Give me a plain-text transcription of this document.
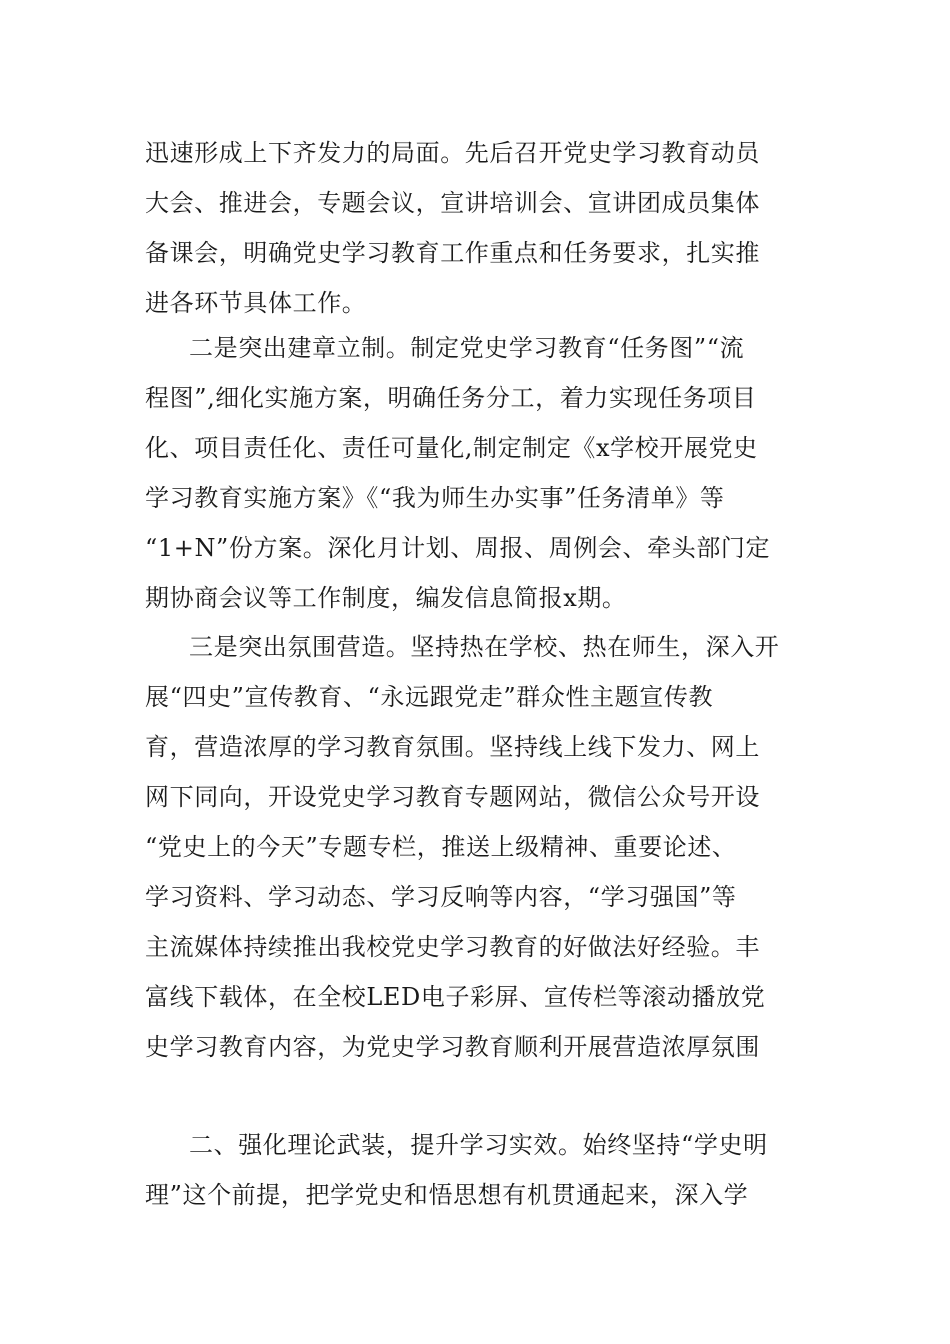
迅速形成上下齐发力的局面。先后召开党史学习教育动员
大会、推进会，专题会议，宣讲培训会、宣讲团成员集体
备课会，明确党史学习教育工作重点和任务要求，扎实推
进各环节具体工作。
二是突出建章立制。制定党史学习教育“任务图”“流
程图”,细化实施方案，明确任务分工，着力实现任务项目
化、项目责任化、责任可量化,制定制定《x学校开展党史
学习教育实施方案》《“我为师生办实事”任务清单》等
“1+N”份方案。深化月计划、周报、周例会、牵头部门定
期协商会议等工作制度，编发信息简报x期。
三是突出氛围营造。坚持热在学校、热在师生，深入开
展“四史”宣传教育、“永远跟党走”群众性主题宣传教
育，营造浓厚的学习教育氛围。坚持线上线下发力、网上
网下同向，开设党史学习教育专题网站，微信公众号开设
“党史上的今天”专题专栏，推送上级精神、重要论述、
学习资料、学习动态、学习反响等内容，“学习强国”等
主流媒体持续推出我校党史学习教育的好做法好经验。丰
富线下载体，在全校LED电子彩屏、宣传栏等滚动播放党
史学习教育内容，为党史学习教育顺利开展营造浓厚氛围
二、强化理论武装，提升学习实效。始终坚持“学史明
理”这个前提，把学党史和悟思想有机贯通起来，深入学
